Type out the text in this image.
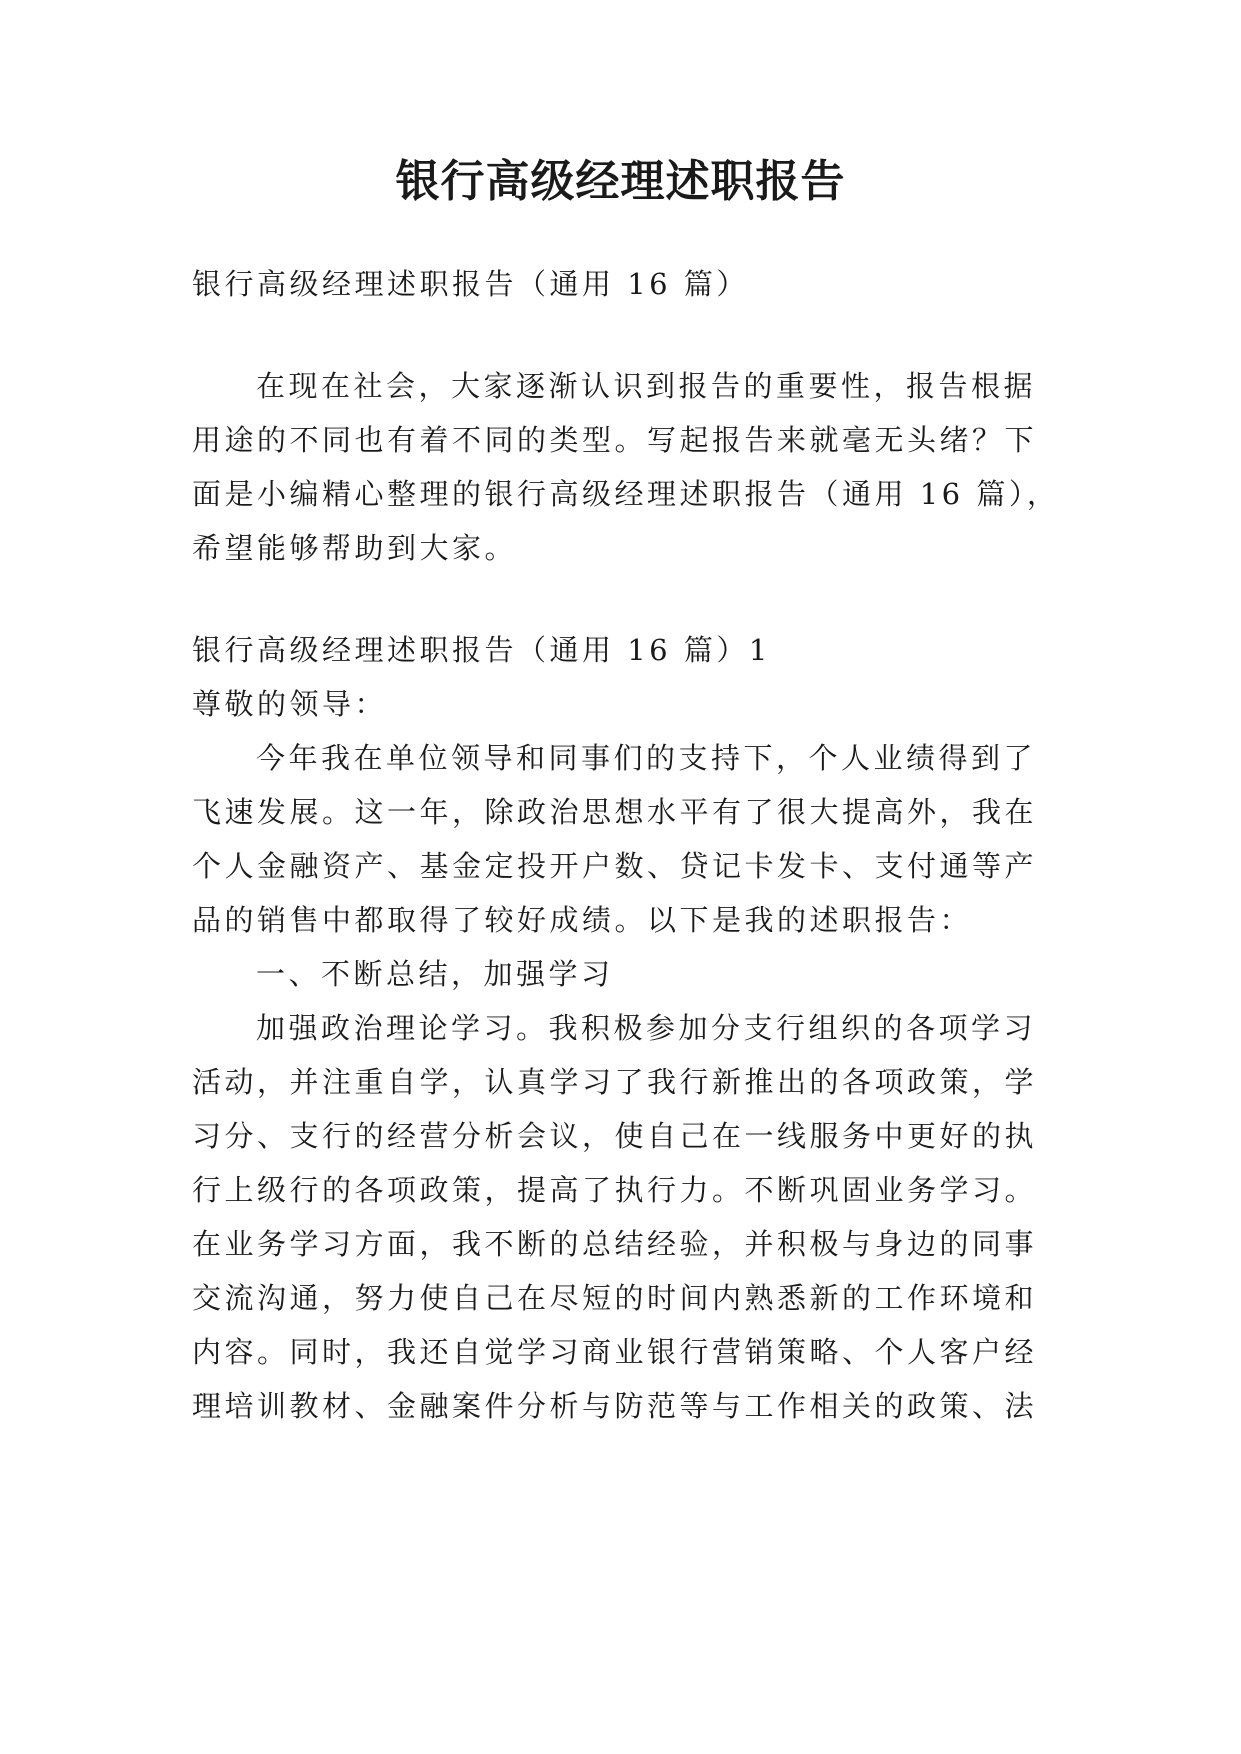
银行高级经理述职报告

银行高级经理述职报告（通用 16 篇）

在现在社会，大家逐渐认识到报告的重要性，报告根据

用途的不同也有着不同的类型。写起报告来就毫无头绪？下

面是小编精心整理的银行高级经理述职报告（通用 16 篇），

希望能够帮助到大家。

银行高级经理述职报告（通用 16 篇）1

尊敬的领导：

今年我在单位领导和同事们的支持下，个人业绩得到了

飞速发展。这一年，除政治思想水平有了很大提高外，我在

个人金融资产、基金定投开户数、贷记卡发卡、支付通等产

品的销售中都取得了较好成绩。以下是我的述职报告：

一、不断总结，加强学习

加强政治理论学习。我积极参加分支行组织的各项学习

活动，并注重自学，认真学习了我行新推出的各项政策，学

习分、支行的经营分析会议，使自己在一线服务中更好的执

行上级行的各项政策，提高了执行力。不断巩固业务学习。

在业务学习方面，我不断的总结经验，并积极与身边的同事

交流沟通，努力使自己在尽短的时间内熟悉新的工作环境和

内容。同时，我还自觉学习商业银行营销策略、个人客户经

理培训教材、金融案件分析与防范等与工作相关的政策、法
